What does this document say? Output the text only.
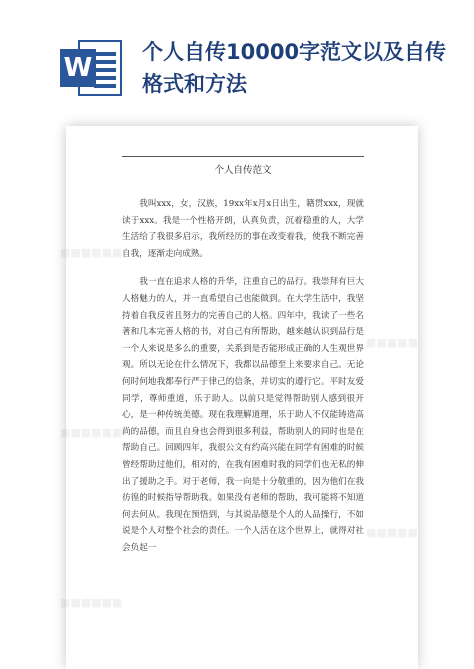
W
个人自传10000字范文以及自传格式和方法
■■■■■■
■■■■■■
■■■■■■
■■■■■
■■■■■
个人自传范文

我叫xxx，女，汉族，19xx年x月x日出生，籍贯xxx，现就读于xxx。我是一个性格开朗，认真负责，沉着稳重的人，大学生活给了我很多启示，我所经历的事在改变着我，使我不断完善自我，逐渐走向成熟。

我一直在追求人格的升华，注重自己的品行。我崇拜有巨大人格魅力的人，并一直希望自己也能做到。在大学生活中，我坚持着自我反省且努力的完善自己的人格。四年中，我读了一些名著和几本完善人格的书，对自己有所帮助，越来越认识到品行是一个人来说是多么的重要，关系到是否能形成正确的人生观世界观。所以无论在什么情况下，我都以品德至上来要求自己。无论何时何地我都奉行严于律己的信条，并切实的遵行它。平时友爱同学，尊师重道，乐于助人。以前只是觉得帮助别人感到很开心，是一种传统美德。现在我理解道理，乐于助人不仅能铸造高尚的品德，而且自身也会得到很多利益，帮助别人的同时也是在帮助自己。回顾四年，我很公文有约高兴能在同学有困难的时候曾经帮助过他们，相对的，在我有困难时我的同学们也无私的伸出了援助之手。对于老师，我一向是十分敬重的，因为他们在我彷徨的时候指导帮助我。如果没有老师的帮助，我可能将不知道何去何从。我现在预悟到，与其说品德是个人的人品操行，不如说是个人对整个社会的责任。一个人活在这个世界上，就得对社会负起一
